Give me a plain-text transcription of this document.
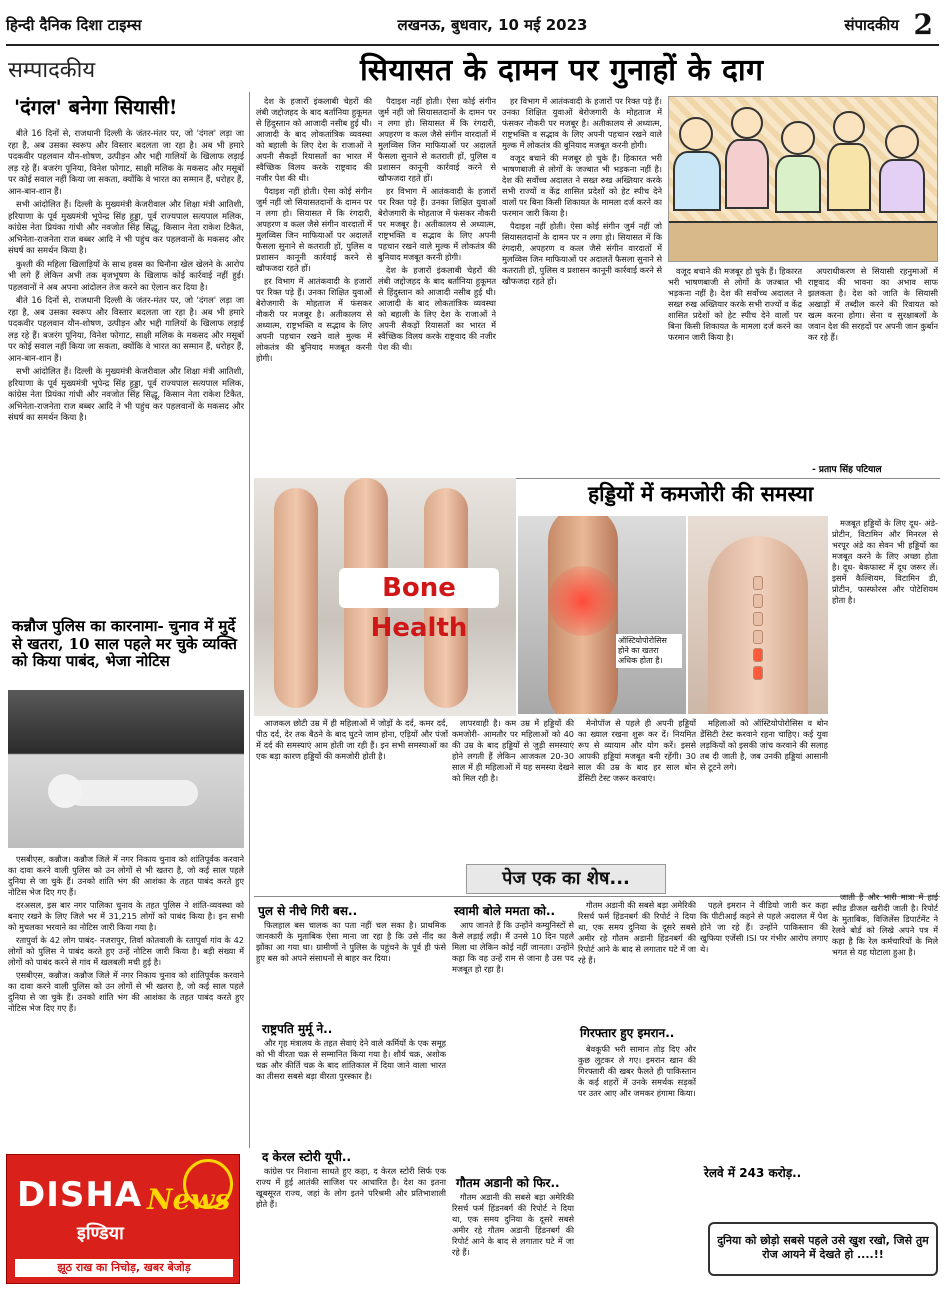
हिन्दी दैनिक दिशा टाइम्स	लखनऊ, बुधवार, 10 मई 2023	संपादकीय 2
सम्पादकीय	सियासत के दामन पर गुनाहों के दाग
'दंगल' बनेगा सियासी!

बीते 16 दिनों से, राजधानी दिल्ली के जंतर-मंतर पर, जो 'दंगल' लड़ा जा रहा है, अब उसका स्वरूप और विस्तार बदलता जा रहा है। अब भी हमारे पदकवीर पहलवान यौन-शोषण, उत्पीड़न और भद्दी गालियों के खिलाफ लड़ाई लड़ रहे हैं। बजरंग पूनिया, विनेश फोगाट, साक्षी मलिक के मकसद और मसूबों पर कोई सवाल नहीं किया जा सकता, क्योंकि वे भारत का सम्मान हैं, धरोहर हैं, आन-बान-शान हैं।

सभी आंदोलित हैं। दिल्ली के मुख्यमंत्री केजरीवाल और शिक्षा मंत्री आतिशी, हरियाणा के पूर्व मुख्यमंत्री भूपेन्द्र सिंह हुड्डा, पूर्व राज्यपाल सत्यपाल मलिक, कांग्रेस नेता प्रियंका गांधी और नवजोत सिंह सिद्धू, किसान नेता राकेश टिकैत, अभिनेता-राजनेता राज बब्बर आदि ने भी पहुंच कर पहलवानों के मकसद और संघर्ष का समर्थन किया है।

कुश्ती की महिला खिलाड़ियों के साथ हवस का घिनौना खेल खेलने के आरोप भी लगे हैं लेकिन अभी तक बृजभूषण के खिलाफ कोई कार्रवाई नहीं हुई। पहलवानों ने अब अपना आंदोलन तेज करने का ऐलान कर दिया है।

बीते 16 दिनों से, राजधानी दिल्ली के जंतर-मंतर पर, जो 'दंगल' लड़ा जा रहा है, अब उसका स्वरूप और विस्तार बदलता जा रहा है। अब भी हमारे पदकवीर पहलवान यौन-शोषण, उत्पीड़न और भद्दी गालियों के खिलाफ लड़ाई लड़ रहे हैं। बजरंग पूनिया, विनेश फोगाट, साक्षी मलिक के मकसद और मसूबों पर कोई सवाल नहीं किया जा सकता, क्योंकि वे भारत का सम्मान हैं, धरोहर हैं, आन-बान-शान हैं।

सभी आंदोलित हैं। दिल्ली के मुख्यमंत्री केजरीवाल और शिक्षा मंत्री आतिशी, हरियाणा के पूर्व मुख्यमंत्री भूपेन्द्र सिंह हुड्डा, पूर्व राज्यपाल सत्यपाल मलिक, कांग्रेस नेता प्रियंका गांधी और नवजोत सिंह सिद्धू, किसान नेता राकेश टिकैत, अभिनेता-राजनेता राज बब्बर आदि ने भी पहुंच कर पहलवानों के मकसद और संघर्ष का समर्थन किया है।

कन्नौज पुलिस का कारनामा- चुनाव में मुर्दे से खतरा, 10 साल पहले मर चुके व्यक्ति को किया पाबंद, भेजा नोटिस

एसबीएस, कन्नौज। कन्नौज जिले में नगर निकाय चुनाव को शांतिपूर्वक करवाने का दावा करने वाली पुलिस को उन लोगों से भी खतरा है, जो कई साल पहले दुनिया से जा चुके हैं। उनको शांति भंग की आशंका के तहत पाबंद करते हुए नोटिस भेज दिए गए हैं।

दरअसल, इस बार नगर पालिका चुनाव के तहत पुलिस ने शांति-व्यवस्था को बनाए रखने के लिए जिले भर में 31,215 लोगों को पाबंद किया है। इन सभी को मुचलका भरवाने का नोटिस जारी किया गया है।

रतापुर्वा के 42 लोग पाबंद- नजरापुर, तिर्वा कोतवाली के रतापुर्वा गांव के 42 लोगों को पुलिस ने पाबंद करते हुए उन्हें नोटिस जारी किया है। बड़ी संख्या में लोगों को पाबंद करने से गांव में खलबली मची हुई है।

एसबीएस, कन्नौज। कन्नौज जिले में नगर निकाय चुनाव को शांतिपूर्वक करवाने का दावा करने वाली पुलिस को उन लोगों से भी खतरा है, जो कई साल पहले दुनिया से जा चुके हैं। उनको शांति भंग की आशंका के तहत पाबंद करते हुए नोटिस भेज दिए गए हैं।

DISHA News
इण्डिया
झूठ राख का निचोड़, खबर बेजोड़

देश के हजारों इंकलाबी चेहरों की लंबी जद्दोजहद के बाद बर्तानिया हुकूमत से हिंदुस्तान को आजादी नसीब हुई थी। आजादी के बाद लोकतांत्रिक व्यवस्था को बहाली के लिए देश के राजाओं ने अपनी सैकड़ों रियासतों का भारत में स्वैच्छिक विलय करके राष्ट्रवाद की नजीर पेश की थी।

पैदाइश नहीं होती। ऐसा कोई संगीन जुर्म नहीं जो सियासतदानों के दामन पर न लगा हो। सियासत में कि रंगदारी, अपहरण व कत्ल जैसे संगीन वारदातों में मुलव्विस जिन माफियाओं पर अदालतें फैसला सुनाने से कतराती हों, पुलिस व प्रशासन कानूनी कार्रवाई करने से खौफजदा रहते हों।

हर विभाग में आतंकवादी के हजारों पर रिक्त पड़े हैं। उनका शिक्षित युवाओं बेरोजगारी के मोहताज में फंसकर नौकरी पर मजबूर है। अतीकालय से अध्यात्म, राष्ट्रभक्ति व सद्भाव के लिए अपनी पहचान रखने वाले मुल्क में लोकतंत्र की बुनियाद मजबूत करनी होगी।

पैदाइश नहीं होती। ऐसा कोई संगीन जुर्म नहीं जो सियासतदानों के दामन पर न लगा हो। सियासत में कि रंगदारी, अपहरण व कत्ल जैसे संगीन वारदातों में मुलव्विस जिन माफियाओं पर अदालतें फैसला सुनाने से कतराती हों, पुलिस व प्रशासन कानूनी कार्रवाई करने से खौफजदा रहते हों।

हर विभाग में आतंकवादी के हजारों पर रिक्त पड़े हैं। उनका शिक्षित युवाओं बेरोजगारी के मोहताज में फंसकर नौकरी पर मजबूर है। अतीकालय से अध्यात्म, राष्ट्रभक्ति व सद्भाव के लिए अपनी पहचान रखने वाले मुल्क में लोकतंत्र की बुनियाद मजबूत करनी होगी।

देश के हजारों इंकलाबी चेहरों की लंबी जद्दोजहद के बाद बर्तानिया हुकूमत से हिंदुस्तान को आजादी नसीब हुई थी। आजादी के बाद लोकतांत्रिक व्यवस्था को बहाली के लिए देश के राजाओं ने अपनी सैकड़ों रियासतों का भारत में स्वैच्छिक विलय करके राष्ट्रवाद की नजीर पेश की थी।

हर विभाग में आतंकवादी के हजारों पर रिक्त पड़े हैं। उनका शिक्षित युवाओं बेरोजगारी के मोहताज में फंसकर नौकरी पर मजबूर है। अतीकालय से अध्यात्म, राष्ट्रभक्ति व सद्भाव के लिए अपनी पहचान रखने वाले मुल्क में लोकतंत्र की बुनियाद मजबूत करनी होगी।

वजूद बचाने की मजबूर हो चुके हैं। हिकारत भरी भाषणबाजी से लोगों के जज्बात भी भड़कना नहीं है। देश की सर्वोच्च अदालत ने सख्त रुख अख्तियार करके सभी राज्यों व केंद्र शासित प्रदेशों को हेट स्पीच देने वालों पर बिना किसी शिकायत के मामला दर्ज करने का फरमान जारी किया है।

पैदाइश नहीं होती। ऐसा कोई संगीन जुर्म नहीं जो सियासतदानों के दामन पर न लगा हो। सियासत में कि रंगदारी, अपहरण व कत्ल जैसे संगीन वारदातों में मुलव्विस जिन माफियाओं पर अदालतें फैसला सुनाने से कतराती हों, पुलिस व प्रशासन कानूनी कार्रवाई करने से खौफजदा रहते हों।

वजूद बचाने की मजबूर हो चुके हैं। हिकारत भरी भाषणबाजी से लोगों के जज्बात भी भड़कना नहीं है। देश की सर्वोच्च अदालत ने सख्त रुख अख्तियार करके सभी राज्यों व केंद्र शासित प्रदेशों को हेट स्पीच देने वालों पर बिना किसी शिकायत के मामला दर्ज करने का फरमान जारी किया है।

अपराधीकरण से सियासी रहनुमाओं में राष्ट्रवाद की भावना का अभाव साफ झलकता है। देश को जाति के सियासी अखाड़ों में तब्दील करने की रिवायत को खत्म करना होगा। सेना व सुरक्षाबलों के जवान देश की सरहदों पर अपनी जान कुर्बान कर रहे हैं।

- प्रताप सिंह पटियाल
हड्डियों में कमजोरी की समस्या
Bone Health	ऑस्टियोपोरोसिस होने का खतरा अधिक होता है।

मजबूत हड्डियों के लिए दूध- अंडे- प्रोटीन, विटामिन और मिनरल से भरपूर अंडे का सेवन भी हड्डियों का मजबूत करने के लिए अच्छा होता है। दूध- बेकफास्ट में दूध जरूर लें। इसमें कैल्शियम, विटामिन डी, प्रोटीन, फास्फोरस और पोटेशियम होता है।

आजकल छोटी उम्र में ही महिलाओं में जोड़ों के दर्द, कमर दर्द, पीठ दर्द, देर तक बैठने के बाद घुटने जाम होना, एड़ियों और पंजों में दर्द की समस्याएं आम होती जा रही हैं। इन सभी समस्याओं का एक बड़ा कारण हड्डियों की कमजोरी होती है।

लापरवाही है। कम उम्र में हड्डियों की कमजोरी- आमतौर पर महिलाओं को 40 की उम्र के बाद हड्डियों से जुड़ी समस्याएं होने लगती हैं लेकिन आजकल 20-30 साल में ही महिलाओं में यह समस्या देखने को मिल रही है।

मेनोपॉज से पहले ही अपनी हड्डियों का ख्याल रखना शुरू कर दें। नियमित रूप से व्यायाम और योग करें। इससे आपकी हड्डियां मजबूत बनी रहेंगी। 30 साल की उम्र के बाद हर साल बोन डेंसिटी टेस्ट जरूर करवाएं।

महिलाओं को ऑस्टियोपोरोसिस व बोन डेंसिटी टेस्ट करवाने रहना चाहिए। कई युवा लड़कियों को इसकी जांच करवाने की सलाह तब दी जाती है, जब उनकी हड्डियां आसानी से टूटने लगे।

पेज एक का शेष...
पुल से नीचे गिरी बस..

फिलहाल बस चालक का पता नहीं चल सका है। प्राथमिक जानकारी के मुताबिक ऐसा माना जा रहा है कि उसे नींद का झोंका आ गया था। ग्रामीणों ने पुलिस के पहुंचने के पूर्व ही फंसे हुए बस को अपने संसाधनों से बाहर कर दिया।

राष्ट्रपति मुर्मू ने..

और गृह मंत्रालय के तहत सेवाएं देने वाले कर्मियों के एक समूह को भी वीरता चक्र से सम्मानित किया गया है। शौर्य चक्र, अशोक चक्र और कीर्ति चक्र के बाद शांतिकाल में दिया जाने वाला भारत का तीसरा सबसे बड़ा वीरता पुरस्कार है।

द केरल स्टोरी यूपी..

कांग्रेस पर निशाना साधते हुए कहा, द केरल स्टोरी सिर्फ एक राज्य में हुई आतंकी साजिश पर आधारित है। देश का इतना खूबसूरत राज्य, जहां के लोग इतने परिश्रमी और प्रतिभाशाली होते हैं।

स्वामी बोले ममता को..

आप जानते हैं कि उन्होंने कम्युनिस्टों से कैसे लड़ाई लड़ी। मैं उनसे 10 दिन पहले मिला था लेकिन कोई नहीं जानता। उन्होंने कहा कि वह उन्हें राम से जाना है उस पद मजबूत हो रहा है।

गौतम अडानी को फिर..

गौतम अडानी की सबसे बड़ा अमेरिकी रिसर्च फर्म हिंडनबर्ग की रिपोर्ट ने दिया था, एक समय दुनिया के दूसरे सबसे अमीर रहे गौतम अडानी हिंडनबर्ग की रिपोर्ट आने के बाद से लगातार घटे में जा रहे हैं।

गिरफ्तार हुए इमरान..

गौतम अडानी की सबसे बड़ा अमेरिकी रिसर्च फर्म हिंडनबर्ग की रिपोर्ट ने दिया था, एक समय दुनिया के दूसरे सबसे अमीर रहे गौतम अडानी हिंडनबर्ग की रिपोर्ट आने के बाद से लगातार घटे में जा रहे हैं।

बेवकूफी भरी सामान तोड़ दिए और कुछ लूटकर ले गए। इमरान खान की गिरफ्तारी की खबर फैलते ही पाकिस्तान के कई शहरों में उनके समर्थक सड़कों पर उतर आए और जमकर हंगामा किया।

पहले इमरान ने वीडियो जारी कर कहा कि पीटीआई कहने से पहले अदालत में पेश होने जा रहे हैं। उन्होंने पाकिस्तान की खुफिया एजेंसी ISI पर गंभीर आरोप लगाए थे।

रेलवे में 243 करोड़..

जाती हैं और भारी मात्रा में हाई स्पीड डीजल खरीदी जाती है। रिपोर्ट के मुताबिक, विजिलेंस डिपार्टमेंट ने रेलवे बोर्ड को लिखे अपने पत्र में कहा है कि रेल कर्मचारियों के मिले भगत से यह घोटाला हुआ है।

दुनिया को छोड़ो सबसे पहले उसे खुश रखो, जिसे तुम रोज आयने में देखते हो ....!!
